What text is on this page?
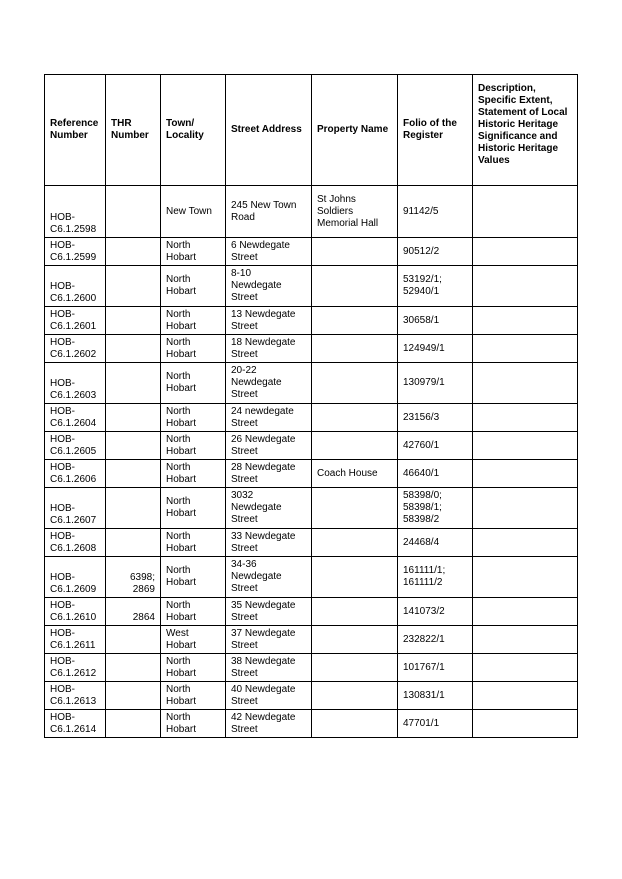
Reference Number	THR Number	Town/ Locality	Street Address	Property Name	Folio of the Register	Description, Specific Extent, Statement of Local Historic Heritage Significance and Historic Heritage Values
HOB-
C6.1.2598		New Town	245 New Town
Road	St Johns
Soldiers
Memorial Hall	91142/5	
HOB-
C6.1.2599		North
Hobart	6 Newdegate
Street		90512/2	
HOB-
C6.1.2600		North
Hobart	8-10
Newdegate
Street		53192/1;
52940/1	
HOB-
C6.1.2601		North
Hobart	13 Newdegate
Street		30658/1	
HOB-
C6.1.2602		North
Hobart	18 Newdegate
Street		124949/1	
HOB-
C6.1.2603		North
Hobart	20-22
Newdegate
Street		130979/1	
HOB-
C6.1.2604		North
Hobart	24 newdegate
Street		23156/3	
HOB-
C6.1.2605		North
Hobart	26 Newdegate
Street		42760/1	
HOB-
C6.1.2606		North
Hobart	28 Newdegate
Street	Coach House	46640/1	
HOB-
C6.1.2607		North
Hobart	3032
Newdegate
Street		58398/0;
58398/1;
58398/2	
HOB-
C6.1.2608		North
Hobart	33 Newdegate
Street		24468/4	
HOB-
C6.1.2609	6398;
2869	North
Hobart	34-36
Newdegate
Street		161111/1;
161111/2	
HOB-
C6.1.2610	2864	North
Hobart	35 Newdegate
Street		141073/2	
HOB-
C6.1.2611		West
Hobart	37 Newdegate
Street		232822/1	
HOB-
C6.1.2612		North
Hobart	38 Newdegate
Street		101767/1	
HOB-
C6.1.2613		North
Hobart	40 Newdegate
Street		130831/1	
HOB-
C6.1.2614		North
Hobart	42 Newdegate
Street		47701/1	
